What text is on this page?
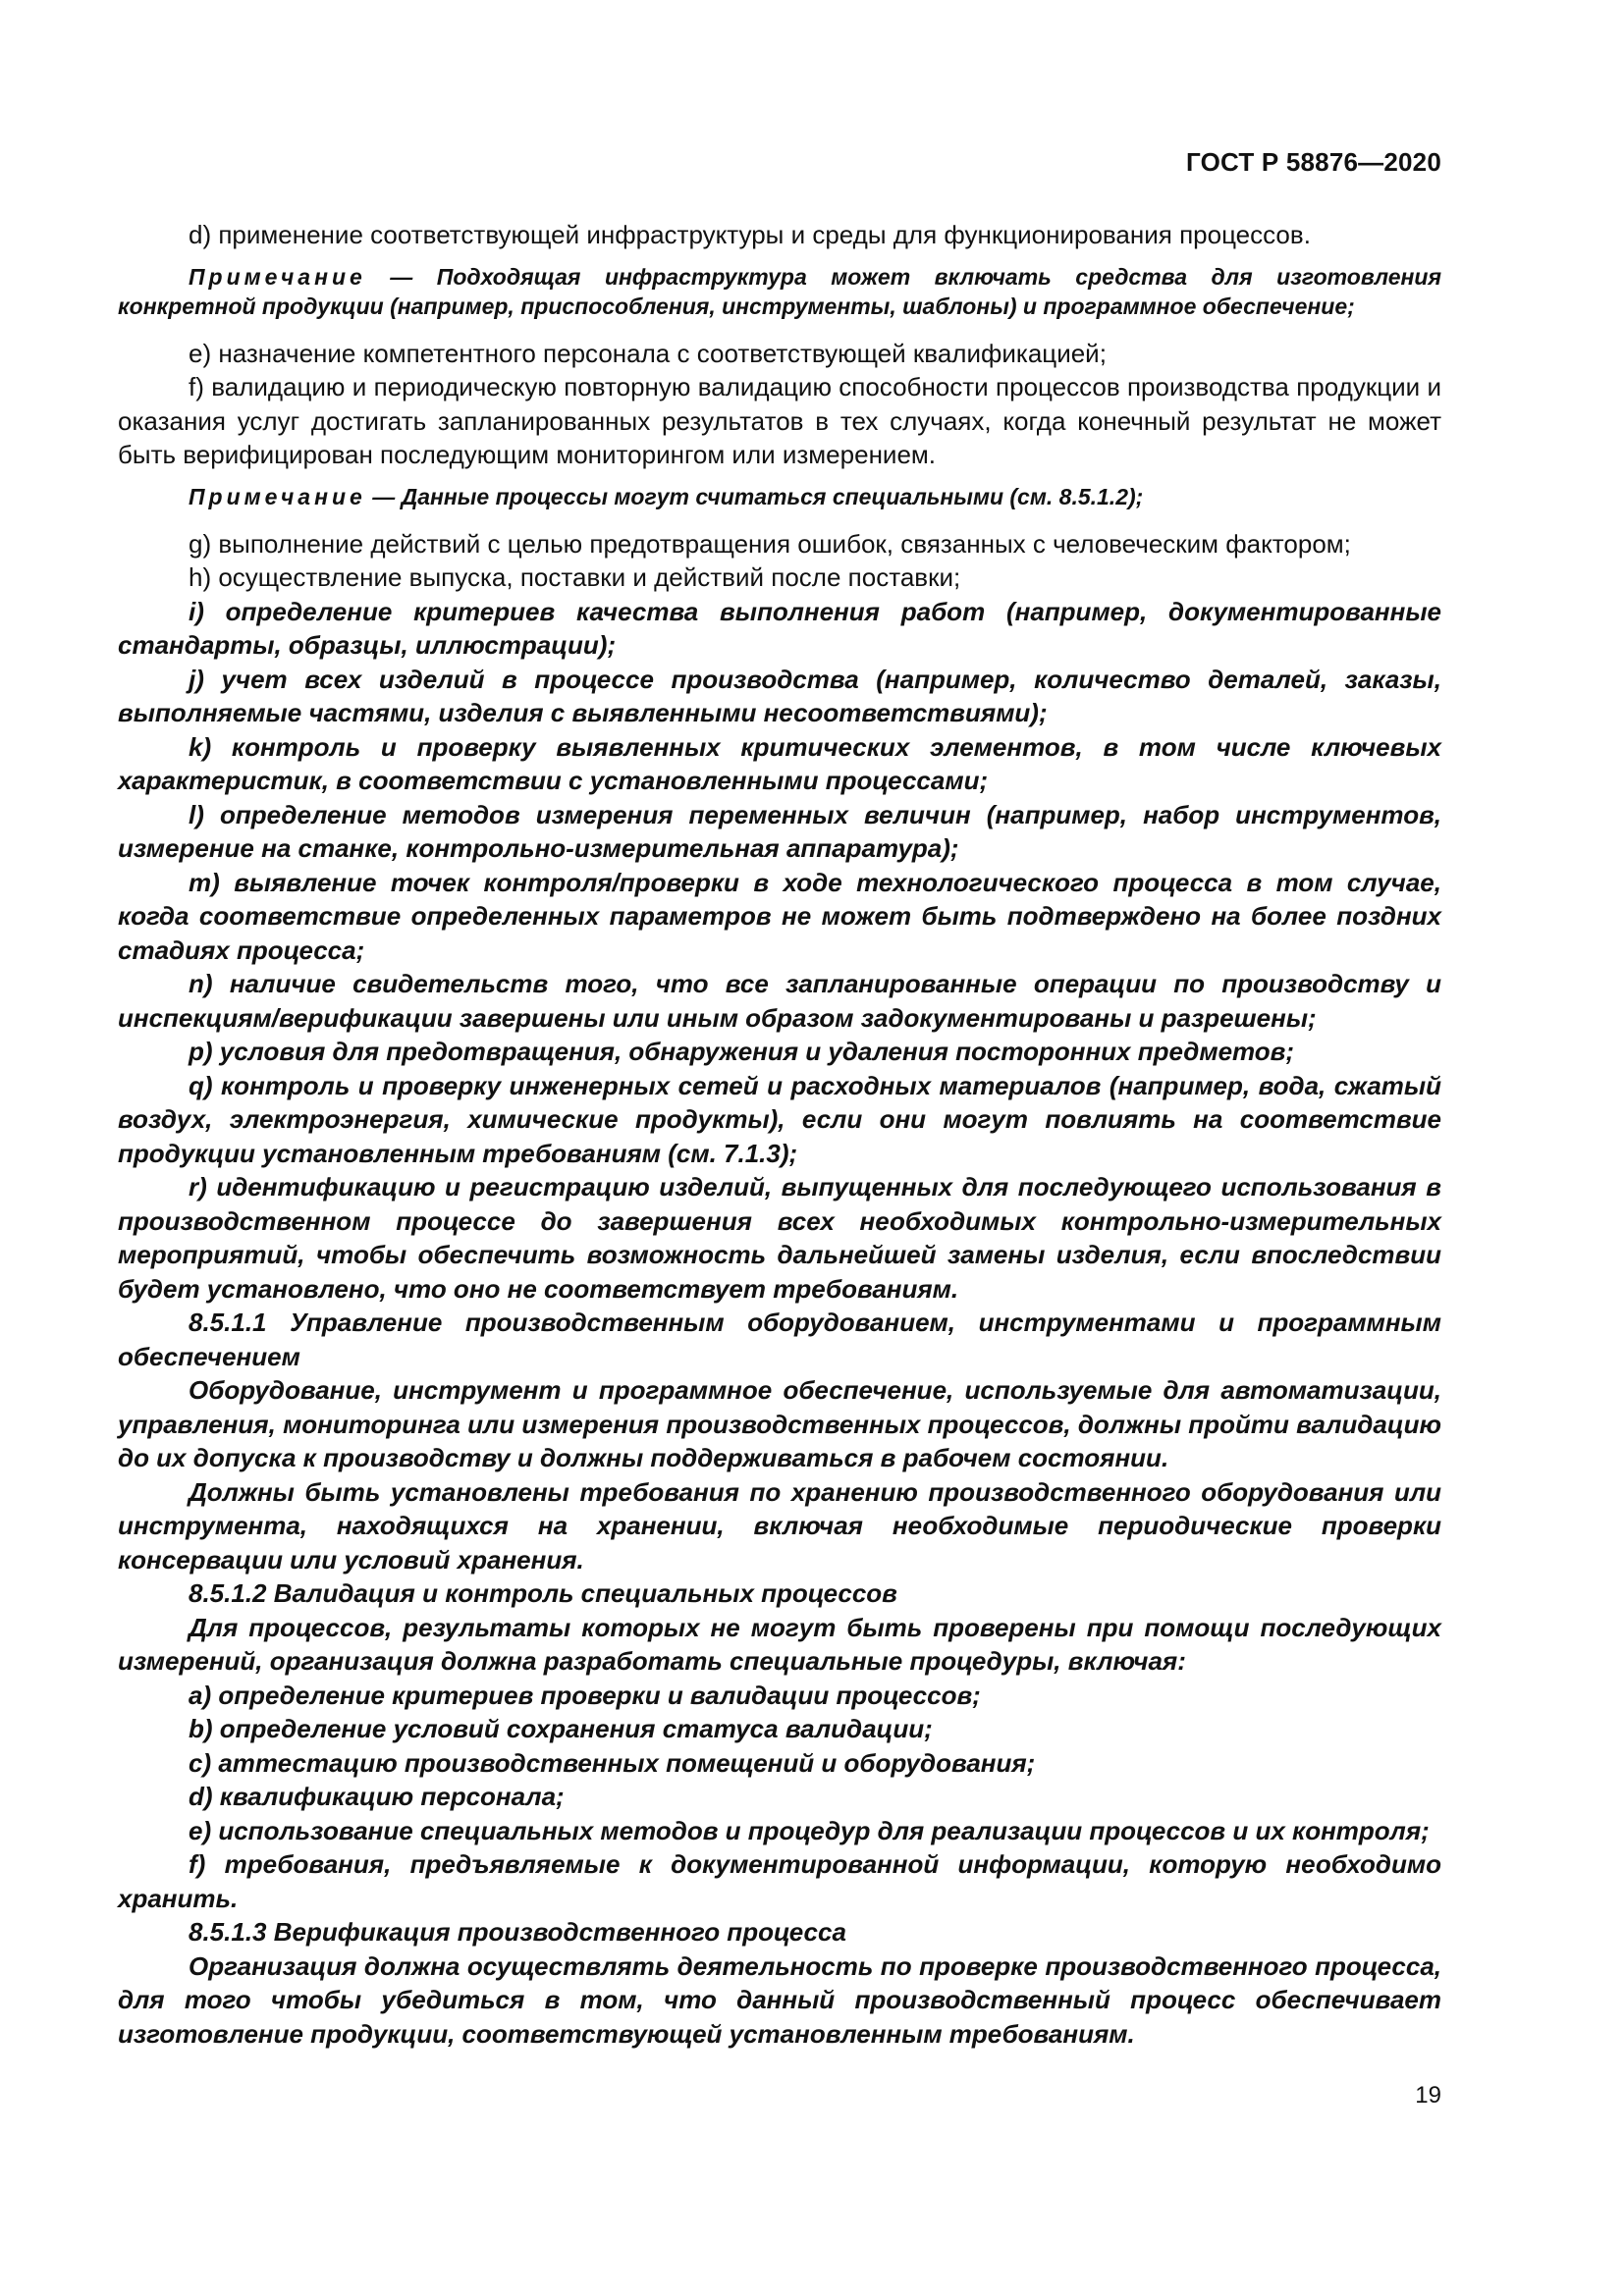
ГОСТ Р 58876—2020

d) применение соответствующей инфраструктуры и среды для функционирования процессов.

Примечание — Подходящая инфраструктура может включать средства для изготовления конкретной продукции (например, приспособления, инструменты, шаблоны) и программное обеспечение;

e) назначение компетентного персонала с соответствующей квалификацией;

f) валидацию и периодическую повторную валидацию способности процессов производства продукции и оказания услуг достигать запланированных результатов в тех случаях, когда конечный результат не может быть верифицирован последующим мониторингом или измерением.

Примечание — Данные процессы могут считаться специальными (см. 8.5.1.2);

g) выполнение действий с целью предотвращения ошибок, связанных с человеческим фактором;

h) осуществление выпуска, поставки и действий после поставки;

i) определение критериев качества выполнения работ (например, документированные стандарты, образцы, иллюстрации);

j) учет всех изделий в процессе производства (например, количество деталей, заказы, выполняемые частями, изделия с выявленными несоответствиями);

k) контроль и проверку выявленных критических элементов, в том числе ключевых характеристик, в соответствии с установленными процессами;

l) определение методов измерения переменных величин (например, набор инструментов, измерение на станке, контрольно-измерительная аппаратура);

m) выявление точек контроля/проверки в ходе технологического процесса в том случае, когда соответствие определенных параметров не может быть подтверждено на более поздних стадиях процесса;

n) наличие свидетельств того, что все запланированные операции по производству и инспекциям/верификации завершены или иным образом задокументированы и разрешены;

p) условия для предотвращения, обнаружения и удаления посторонних предметов;

q) контроль и проверку инженерных сетей и расходных материалов (например, вода, сжатый воздух, электроэнергия, химические продукты), если они могут повлиять на соответствие продукции установленным требованиям (см. 7.1.3);

r) идентификацию и регистрацию изделий, выпущенных для последующего использования в производственном процессе до завершения всех необходимых контрольно-измерительных мероприятий, чтобы обеспечить возможность дальнейшей замены изделия, если впоследствии будет установлено, что оно не соответствует требованиям.

8.5.1.1 Управление производственным оборудованием, инструментами и программным обеспечением

Оборудование, инструмент и программное обеспечение, используемые для автоматизации, управления, мониторинга или измерения производственных процессов, должны пройти валидацию до их допуска к производству и должны поддерживаться в рабочем состоянии.

Должны быть установлены требования по хранению производственного оборудования или инструмента, находящихся на хранении, включая необходимые периодические проверки консервации или условий хранения.

8.5.1.2 Валидация и контроль специальных процессов

Для процессов, результаты которых не могут быть проверены при помощи последующих измерений, организация должна разработать специальные процедуры, включая:

a) определение критериев проверки и валидации процессов;

b) определение условий сохранения статуса валидации;

c) аттестацию производственных помещений и оборудования;

d) квалификацию персонала;

e) использование специальных методов и процедур для реализации процессов и их контроля;

f) требования, предъявляемые к документированной информации, которую необходимо хранить.

8.5.1.3 Верификация производственного процесса

Организация должна осуществлять деятельность по проверке производственного процесса, для того чтобы убедиться в том, что данный производственный процесс обеспечивает изготовление продукции, соответствующей установленным требованиям.

19
